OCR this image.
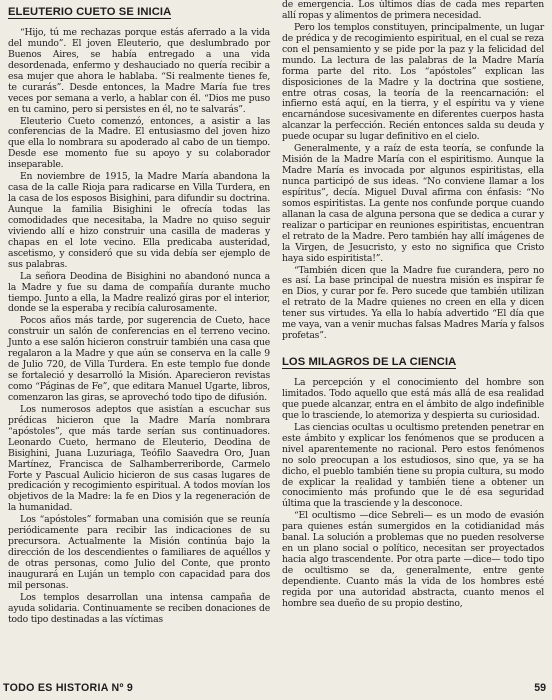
ELEUTERIO CUETO SE INICIA

“Hijo, tú me rechazas porque estás aferrado a la vida del mundo”. El joven Eleuterio, que deslumbrado por Buenos Aires, se había entregado a una vida desordenada, enfermo y deshauciado no quería recibir a esa mujer que ahora le hablaba. “Si realmente tienes fe, te curarás”. Desde entonces, la Madre María fue tres veces por semana a verlo, a hablar con él. “Dios me puso en tu camino, pero si persistes en él, no te salvarás”.

Eleuterio Cueto comenzó, entonces, a asistir a las conferencias de la Madre. El entusiasmo del joven hizo que ella lo nombrara su apoderado al cabo de un tiempo. Desde ese momento fue su apoyo y su colaborador inseparable.

En noviembre de 1915, la Madre María abandona la casa de la calle Rioja para radicarse en Villa Turdera, en la casa de los esposos Bisighini, para difundir su doctrina. Aunque la familia Bisighini le ofrecía todas las comodidades que necesitaba, la Madre no quiso seguir viviendo allí e hizo construir una casilla de maderas y chapas en el lote vecino. Ella predicaba austeridad, ascetismo, y consideró que su vida debía ser ejemplo de sus palabras.

La señora Deodina de Bisighini no abandonó nunca a la Madre y fue su dama de compañía durante mucho tiempo. Junto a ella, la Madre realizó giras por el interior, donde se la esperaba y recibía calurosamente.

Pocos años más tarde, por sugerencia de Cueto, hace construir un salón de conferencias en el terreno vecino. Junto a ese salón hicieron construir también una casa que regalaron a la Madre y que aún se conserva en la calle 9 de Julio 720, de Villa Turdera. En este templo fue donde se fortaleció y desarrolló la Misión. Aparecieron revistas como “Páginas de Fe”, que editara Manuel Ugarte, libros, comenzaron las giras, se aprovechó todo tipo de difusión.

Los numerosos adeptos que asistían a escuchar sus prédicas hicieron que la Madre María nombrara “apóstoles”, que más tarde serían sus continuadores. Leonardo Cueto, hermano de Eleuterio, Deodina de Bisighini, Juana Luzuriaga, Teófilo Saavedra Oro, Juan Martínez, Francisca de Salhamberreriborde, Carmelo Forte y Pascual Aulicio hicieron de sus casas lugares de predicación y recogimiento espiritual. A todos movían los objetivos de la Madre: la fe en Dios y la regeneración de la humanidad.

Los “apóstoles” formaban una comisión que se reunía periódicamente para recibir las indicaciones de su precursora. Actualmente la Misión continúa bajo la dirección de los descendientes o familiares de aquéllos y de otras personas, como Julio del Conte, que pronto inaugurará en Luján un templo con capacidad para dos mil personas.

Los templos desarrollan una intensa campaña de ayuda solidaria. Continuamente se reciben donaciones de todo tipo destinadas a las víctimas

de emergencia. Los últimos días de cada mes reparten allí ropas y alimentos de primera necesidad.

Pero los templos constituyen, principalmente, un lugar de prédica y de recogimiento espiritual, en el cual se reza con el pensamiento y se pide por la paz y la felicidad del mundo. La lectura de las palabras de la Madre María forma parte del rito. Los “apóstoles” explican las disposiciones de la Madre y la doctrina que sostiene, entre otras cosas, la teoría de la reencarnación: el infierno está aquí, en la tierra, y el espíritu va y viene encarnándose sucesivamente en diferentes cuerpos hasta alcanzar la perfección. Recién entonces salda su deuda y puede ocupar su lugar definitivo en el cielo.

Generalmente, y a raíz de esta teoría, se confunde la Misión de la Madre María con el espiritismo. Aunque la Madre María es invocada por algunos espiritistas, ella nunca participó de sus ideas. “No conviene llamar a los espíritus”, decía. Miguel Duval afirma con énfasis: “No somos espiritistas. La gente nos confunde porque cuando allanan la casa de alguna persona que se dedica a curar y realizar o participar en reuniones espiritistas, encuentran el retrato de la Madre. Pero también hay allí imágenes de la Virgen, de Jesucristo, y esto no significa que Cristo haya sido espiritista!”.

“También dicen que la Madre fue curandera, pero no es así. La base principal de nuestra misión es inspirar fe en Dios, y curar por fe. Pero sucede que también utilizan el retrato de la Madre quienes no creen en ella y dicen tener sus virtudes. Ya ella lo había advertido “El día que me vaya, van a venir muchas falsas Madres María y falsos profetas”.

LOS MILAGROS DE LA CIENCIA

La percepción y el conocimiento del hombre son limitados. Todo aquello que está más allá de esa realidad que puede alcanzar, entra en el ámbito de algo indefinible que lo trasciende, lo atemoriza y despierta su curiosidad.

Las ciencias ocultas u ocultismo pretenden penetrar en este ámbito y explicar los fenómenos que se producen a nivel aparentemente no racional. Pero estos fenómenos no solo preocupan a los estudiosos, sino que, ya se ha dicho, el pueblo también tiene su propia cultura, su modo de explicar la realidad y también tiene a obtener un conocimiento más profundo que le dé esa seguridad última que la trasciende y la desconoce.

“El ocultismo —dice Sebreli— es un modo de evasión para quienes están sumergidos en la cotidianidad más banal. La solución a problemas que no pueden resolverse en un plano social o político, necesitan ser proyectados hacia algo trascendente. Por otra parte —dice— todo tipo de ocultismo se da, generalmente, entre gente dependiente. Cuanto más la vida de los hombres esté regida por una autoridad abstracta, cuanto menos el hombre sea dueño de su propio destino,

TODO ES HISTORIA Nº 9	59
